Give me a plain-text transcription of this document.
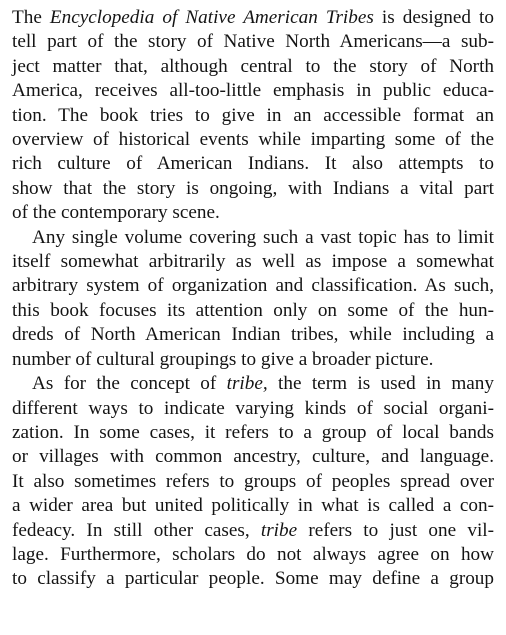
The Encyclopedia of Native American Tribes is designed to
tell part of the story of Native North Americans—a sub-
ject matter that, although central to the story of North
America, receives all-too-little emphasis in public educa-
tion. The book tries to give in an accessible format an
overview of historical events while imparting some of the
rich culture of American Indians. It also attempts to
show that the story is ongoing, with Indians a vital part
of the contemporary scene.
Any single volume covering such a vast topic has to limit
itself somewhat arbitrarily as well as impose a somewhat
arbitrary system of organization and classification. As such,
this book focuses its attention only on some of the hun-
dreds of North American Indian tribes, while including a
number of cultural groupings to give a broader picture.
As for the concept of tribe, the term is used in many
different ways to indicate varying kinds of social organi-
zation. In some cases, it refers to a group of local bands
or villages with common ancestry, culture, and language.
It also sometimes refers to groups of peoples spread over
a wider area but united politically in what is called a con-
fedeacy. In still other cases, tribe refers to just one vil-
lage. Furthermore, scholars do not always agree on how
to classify a particular people. Some may define a group
